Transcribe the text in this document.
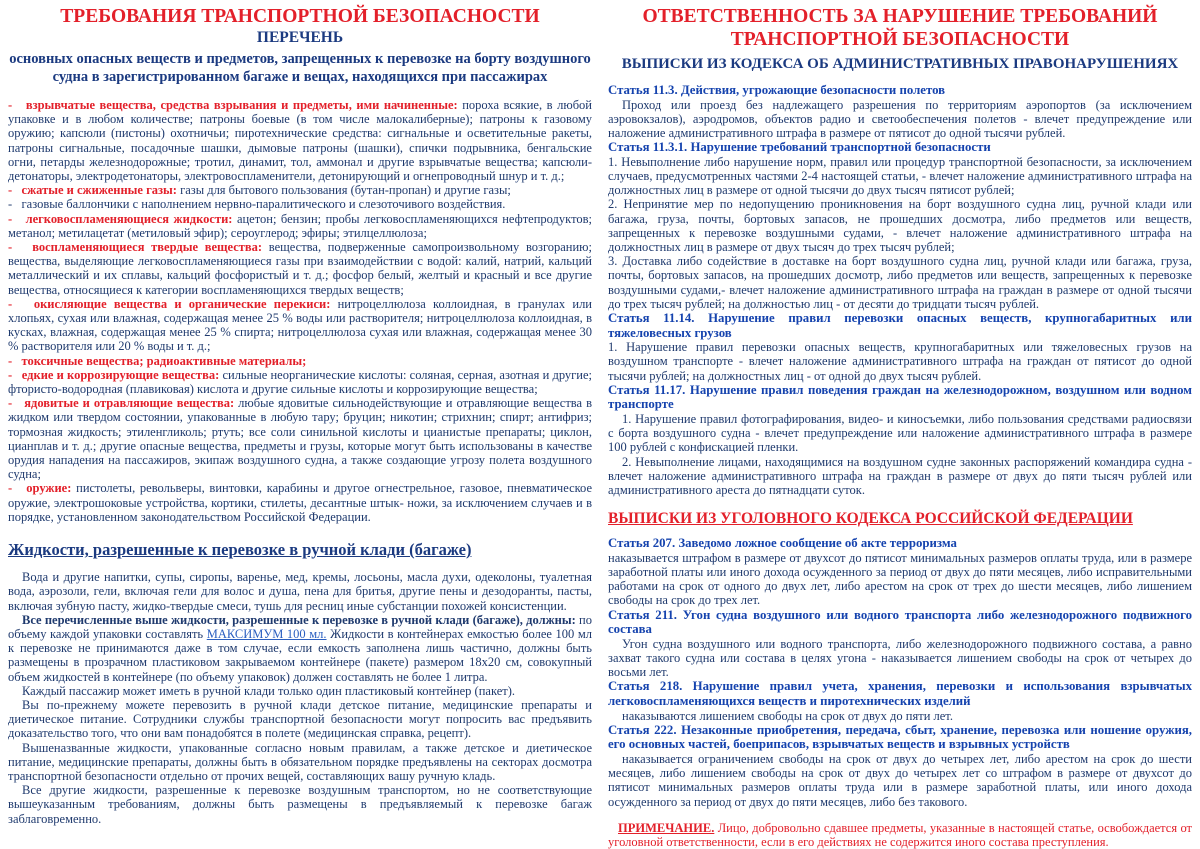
ТРЕБОВАНИЯ ТРАНСПОРТНОЙ БЕЗОПАСНОСТИ
ПЕРЕЧЕНЬ
основных опасных веществ и предметов, запрещенных к перевозке на борту воздушного судна в зарегистрированном багаже и вещах, находящихся при пассажирах

-   взрывчатые вещества, средства взрывания и предметы, ими начиненные: пороха всякие, в любой упаковке и в любом количестве; патроны боевые (в том числе малокалиберные); патроны к газовому оружию; капсюли (пистоны) охотничьи; пиротехнические средства: сигнальные и осветительные ракеты, патроны сигнальные, посадочные шашки, дымовые патроны (шашки), спички подрывника, бенгальские огни, петарды железнодорожные; тротил, динамит, тол, аммонал и другие взрывчатые вещества; капсюли-детонаторы, электродетонаторы, электровоспламенители, детонирующий и огнепроводный шнур и т. д.;

-   сжатые и сжиженные газы: газы для бытового пользования (бутан-пропан) и другие газы;

-   газовые баллончики с наполнением нервно-паралитического и слезоточивого воздействия.

-   легковоспламеняющиеся жидкости: ацетон; бензин; пробы легковоспламеняющихся нефтепродуктов; метанол; метилацетат (метиловый эфир); сероуглерод; эфиры; этилцеллюлоза;

-   воспламеняющиеся твердые вещества: вещества, подверженные самопроизвольному возгоранию; вещества, выделяющие легковоспламеняющиеся газы при взаимодействии с водой: калий, натрий, кальций металлический и их сплавы, кальций фосфористый и т. д.; фосфор белый, желтый и красный и все другие вещества, относящиеся к категории воспламеняющихся твердых веществ;

-   окисляющие вещества и органические перекиси: нитроцеллюлоза коллоидная, в гранулах или хлопьях, сухая или влажная, содержащая менее 25 % воды или растворителя; нитроцеллюлоза коллоидная, в кусках, влажная, содержащая менее 25 % спирта; нитроцеллюлоза сухая или влажная, содержащая менее 30 % растворителя или 20 % воды и т. д.;

-   токсичные вещества; радиоактивные материалы;

-   едкие и коррозирующие вещества: сильные неорганические кислоты: соляная, серная, азотная и другие; фтористо-водородная (плавиковая) кислота и другие сильные кислоты и коррозирующие вещества;

-   ядовитые и отравляющие вещества: любые ядовитые сильнодействующие и отравляющие вещества в жидком или твердом состоянии, упакованные в любую тару; бруцин; никотин; стрихнин; спирт; антифриз; тормозная жидкость; этиленгликоль; ртуть; все соли синильной кислоты и цианистые препараты; циклон, цианплав и т. д.; другие опасные вещества, предметы и грузы, которые могут быть использованы в качестве орудия нападения на пассажиров, экипаж воздушного судна, а также создающие угрозу полета воздушного судна;

-   оружие: пистолеты, револьверы, винтовки, карабины и другое огнестрельное, газовое, пневматическое оружие, электрошоковые устройства, кортики, стилеты, десантные штык- ножи, за исключением случаев и в порядке, установленном законодательством Российской Федерации.

Жидкости, разрешенные к перевозке в ручной клади (багаже)

Вода и другие напитки, супы, сиропы, варенье, мед, кремы, лосьоны, масла духи, одеколоны, туалетная вода, аэрозоли, гели, включая гели для волос и душа, пена для бритья, другие пены и дезодоранты, пасты, включая зубную пасту, жидко-твердые смеси, тушь для ресниц иные субстанции похожей консистенции.

Все перечисленные выше жидкости, разрешенные к перевозке в ручной клади (багаже), должны: по объему каждой упаковки составлять МАКСИМУМ 100 мл. Жидкости в контейнерах емкостью более 100 мл к перевозке не принимаются даже в том случае, если емкость заполнена лишь частично, должны быть размещены в прозрачном пластиковом закрываемом контейнере (пакете) размером 18х20 см, совокупный объем жидкостей в контейнере (по объему упаковок) должен составлять не более 1 литра.

Каждый пассажир может иметь в ручной клади только один пластиковый контейнер (пакет).

Вы по-прежнему можете перевозить в ручной клади детское питание, медицинские препараты и диетическое питание. Сотрудники службы транспортной безопасности могут попросить вас предъявить доказательство того, что они вам понадобятся в полете (медицинская справка, рецепт).

Вышеназванные жидкости, упакованные согласно новым правилам, а также детское и диетическое питание, медицинские препараты, должны быть в обязательном порядке предъявлены на секторах досмотра транспортной безопасности отдельно от прочих вещей, составляющих вашу ручную кладь.

Все другие жидкости, разрешенные к перевозке воздушным транспортом, но не соответствующие вышеуказанным требованиям, должны быть размещены в предъявляемый к перевозке багаж заблаговременно.

ОТВЕТСТВЕННОСТЬ ЗА НАРУШЕНИЕ ТРЕБОВАНИЙ
ТРАНСПОРТНОЙ БЕЗОПАСНОСТИ
ВЫПИСКИ ИЗ КОДЕКСА ОБ АДМИНИСТРАТИВНЫХ ПРАВОНАРУШЕНИЯХ

Статья 11.3. Действия, угрожающие безопасности полетов

Проход или проезд без надлежащего разрешения по территориям аэропортов (за исключением аэровокзалов), аэродромов, объектов радио и светообеспечения полетов - влечет предупреждение или наложение административного штрафа в размере от пятисот до одной тысячи рублей.

Статья 11.3.1. Нарушение требований транспортной безопасности

1. Невыполнение либо нарушение норм, правил или процедур транспортной безопасности, за исключением случаев, предусмотренных частями 2-4 настоящей статьи, - влечет наложение административного штрафа на должностных лиц в размере от одной тысячи до двух тысяч пятисот рублей;

2. Непринятие мер по недопущению проникновения на борт воздушного судна лиц, ручной клади или багажа, груза, почты, бортовых запасов, не прошедших досмотра, либо предметов или веществ, запрещенных к перевозке воздушными судами, - влечет наложение административного штрафа на должностных лиц в размере от двух тысяч до трех тысяч рублей;

3. Доставка либо содействие в доставке на борт воздушного судна лиц, ручной клади или багажа, груза, почты, бортовых запасов, на прошедших досмотр, либо предметов или веществ, запрещенных к перевозке воздушными судами,- влечет наложение административного штрафа на граждан в размере от одной тысячи до трех тысяч рублей; на должностью лиц - от десяти до тридцати тысяч рублей.

Статья 11.14. Нарушение правил перевозки опасных веществ, крупногабаритных или тяжеловесных грузов

1. Нарушение правил перевозки опасных веществ, крупногабаритных или тяжеловесных грузов на воздушном транспорте - влечет наложение административного штрафа на граждан от пятисот до одной тысячи рублей; на должностных лиц - от одной до двух тысяч рублей.

Статья 11.17. Нарушение правил поведения граждан на железнодорожном, воздушном или водном транспорте

1. Нарушение правил фотографирования, видео- и киносъемки, либо пользования средствами радиосвязи с борта воздушного судна - влечет предупреждение или наложение административного штрафа в размере 100 рублей с конфискацией пленки.

2. Невыполнение лицами, находящимися на воздушном судне законных распоряжений командира судна - влечет наложение административного штрафа на граждан в размере от двух до пяти тысяч рублей или административного ареста до пятнадцати суток.

ВЫПИСКИ ИЗ УГОЛОВНОГО КОДЕКСА РОССИЙСКОЙ ФЕДЕРАЦИИ

Статья 207. Заведомо ложное сообщение об акте терроризма

наказывается штрафом в размере от двухсот до пятисот минимальных размеров оплаты труда, или в размере заработной платы или иного дохода осужденного за период от двух до пяти месяцев, либо исправительными работами на срок от одного до двух лет, либо арестом на срок от трех до шести месяцев, либо лишением свободы на срок до трех лет.

Статья 211. Угон судна воздушного или водного транспорта либо железнодорожного подвижного состава

Угон судна воздушного или водного транспорта, либо железнодорожного подвижного состава, а равно захват такого судна или состава в целях угона - наказывается лишением свободы на срок от четырех до восьми лет.

Статья 218. Нарушение правил учета, хранения, перевозки и использования взрывчатых легковоспламеняющихся веществ и пиротехнических изделий

наказываются лишением свободы на срок от двух до пяти лет.

Статья 222. Незаконные приобретения, передача, сбыт, хранение, перевозка или ношение оружия, его основных частей, боеприпасов, взрывчатых веществ и взрывных устройств

наказывается ограничением свободы на срок от двух до четырех лет, либо арестом на срок до шести месяцев, либо лишением свободы на срок от двух до четырех лет со штрафом в размере от двухсот до пятисот минимальных размеров оплаты труда или в размере заработной платы, или иного дохода осужденного за период от двух до пяти месяцев, либо без такового.

ПРИМЕЧАНИЕ. Лицо, добровольно сдавшее предметы, указанные в настоящей статье, освобождается от уголовной ответственности, если в его действиях не содержится иного состава преступления.
